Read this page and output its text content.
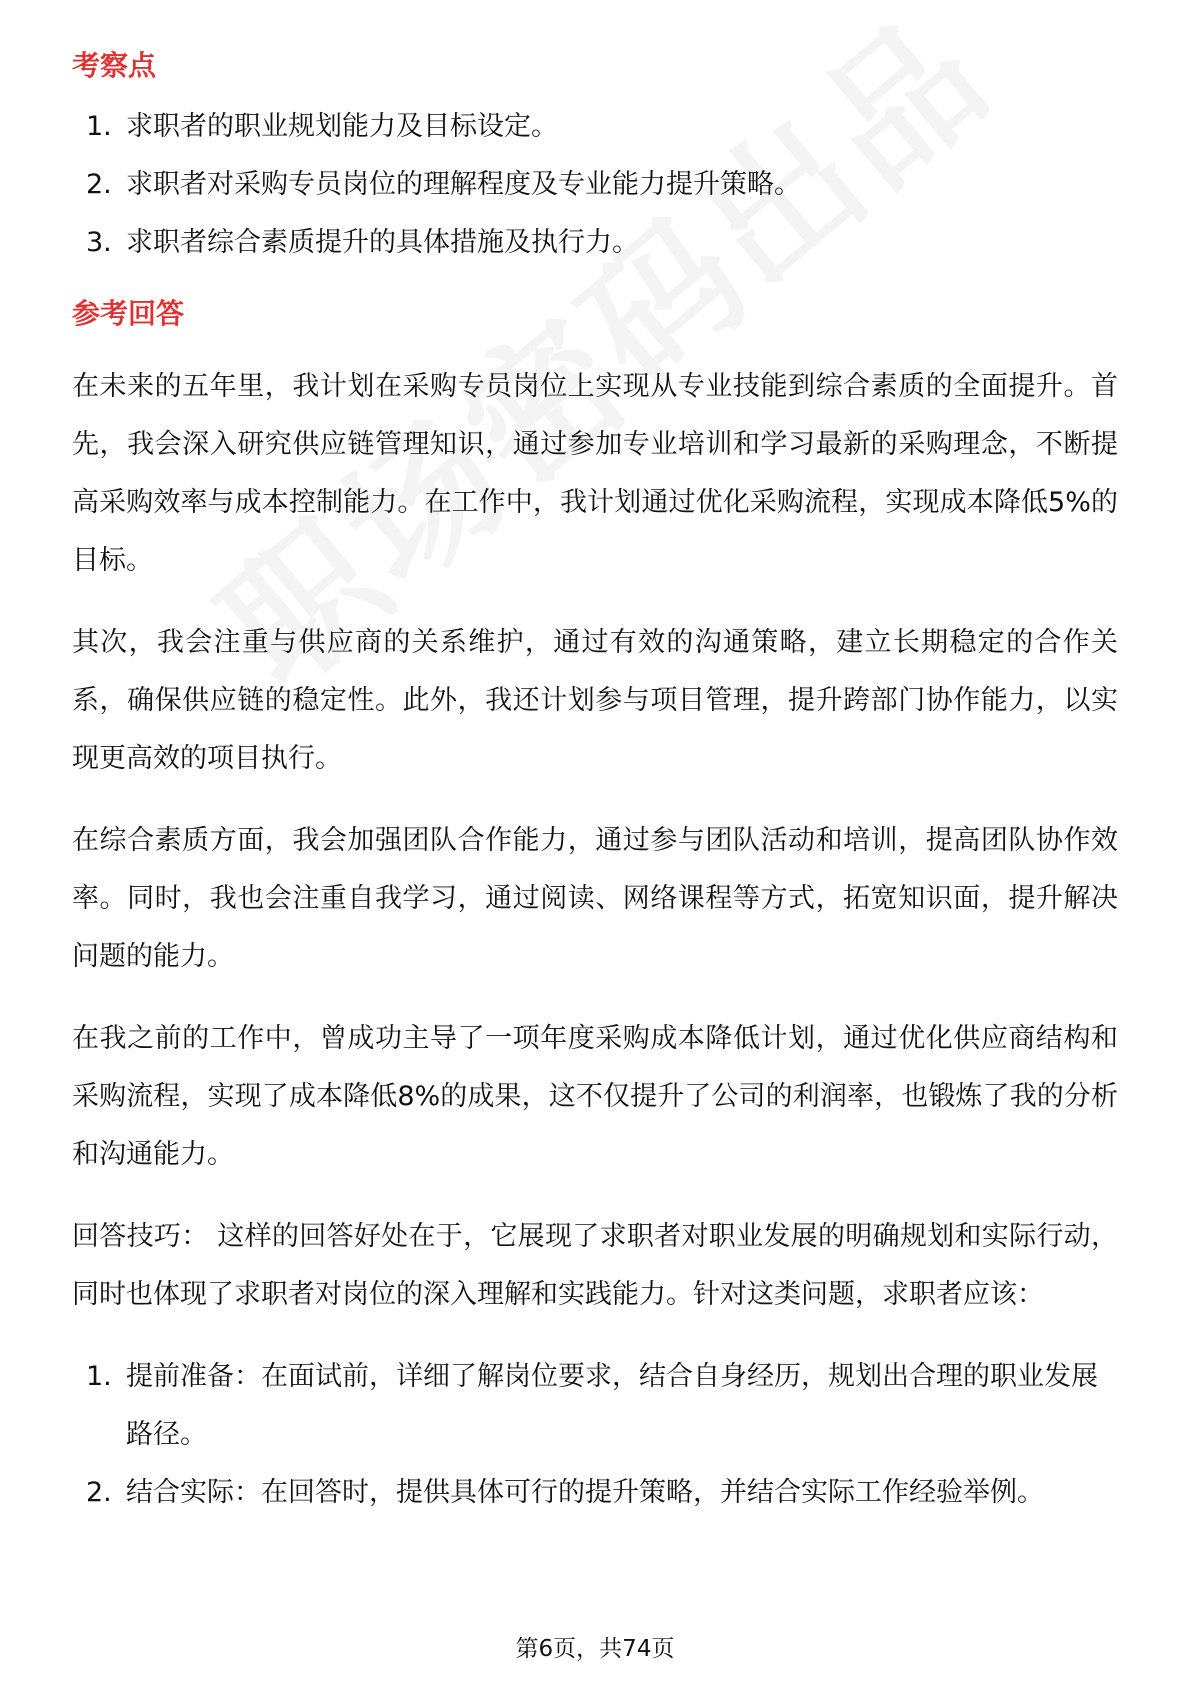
考察点
1. 求职者的职业规划能力及目标设定。
2. 求职者对采购专员岗位的理解程度及专业能力提升策略。
3. 求职者综合素质提升的具体措施及执行力。
参考回答

在未来的五年里，我计划在采购专员岗位上实现从专业技能到综合素质的全面提升。首先，我会深入研究供应链管理知识，通过参加专业培训和学习最新的采购理念，不断提高采购效率与成本控制能力。在工作中，我计划通过优化采购流程，实现成本降低5%的目标。

其次，我会注重与供应商的关系维护，通过有效的沟通策略，建立长期稳定的合作关系，确保供应链的稳定性。此外，我还计划参与项目管理，提升跨部门协作能力，以实现更高效的项目执行。

在综合素质方面，我会加强团队合作能力，通过参与团队活动和培训，提高团队协作效率。同时，我也会注重自我学习，通过阅读、网络课程等方式，拓宽知识面，提升解决问题的能力。

在我之前的工作中，曾成功主导了一项年度采购成本降低计划，通过优化供应商结构和采购流程，实现了成本降低8%的成果，这不仅提升了公司的利润率，也锻炼了我的分析和沟通能力。

回答技巧： 这样的回答好处在于，它展现了求职者对职业发展的明确规划和实际行动，同时也体现了求职者对岗位的深入理解和实践能力。针对这类问题，求职者应该：

1. 提前准备：在面试前，详细了解岗位要求，结合自身经历，规划出合理的职业发展路径。
2. 结合实际：在回答时，提供具体可行的提升策略，并结合实际工作经验举例。
第6页，共74页
